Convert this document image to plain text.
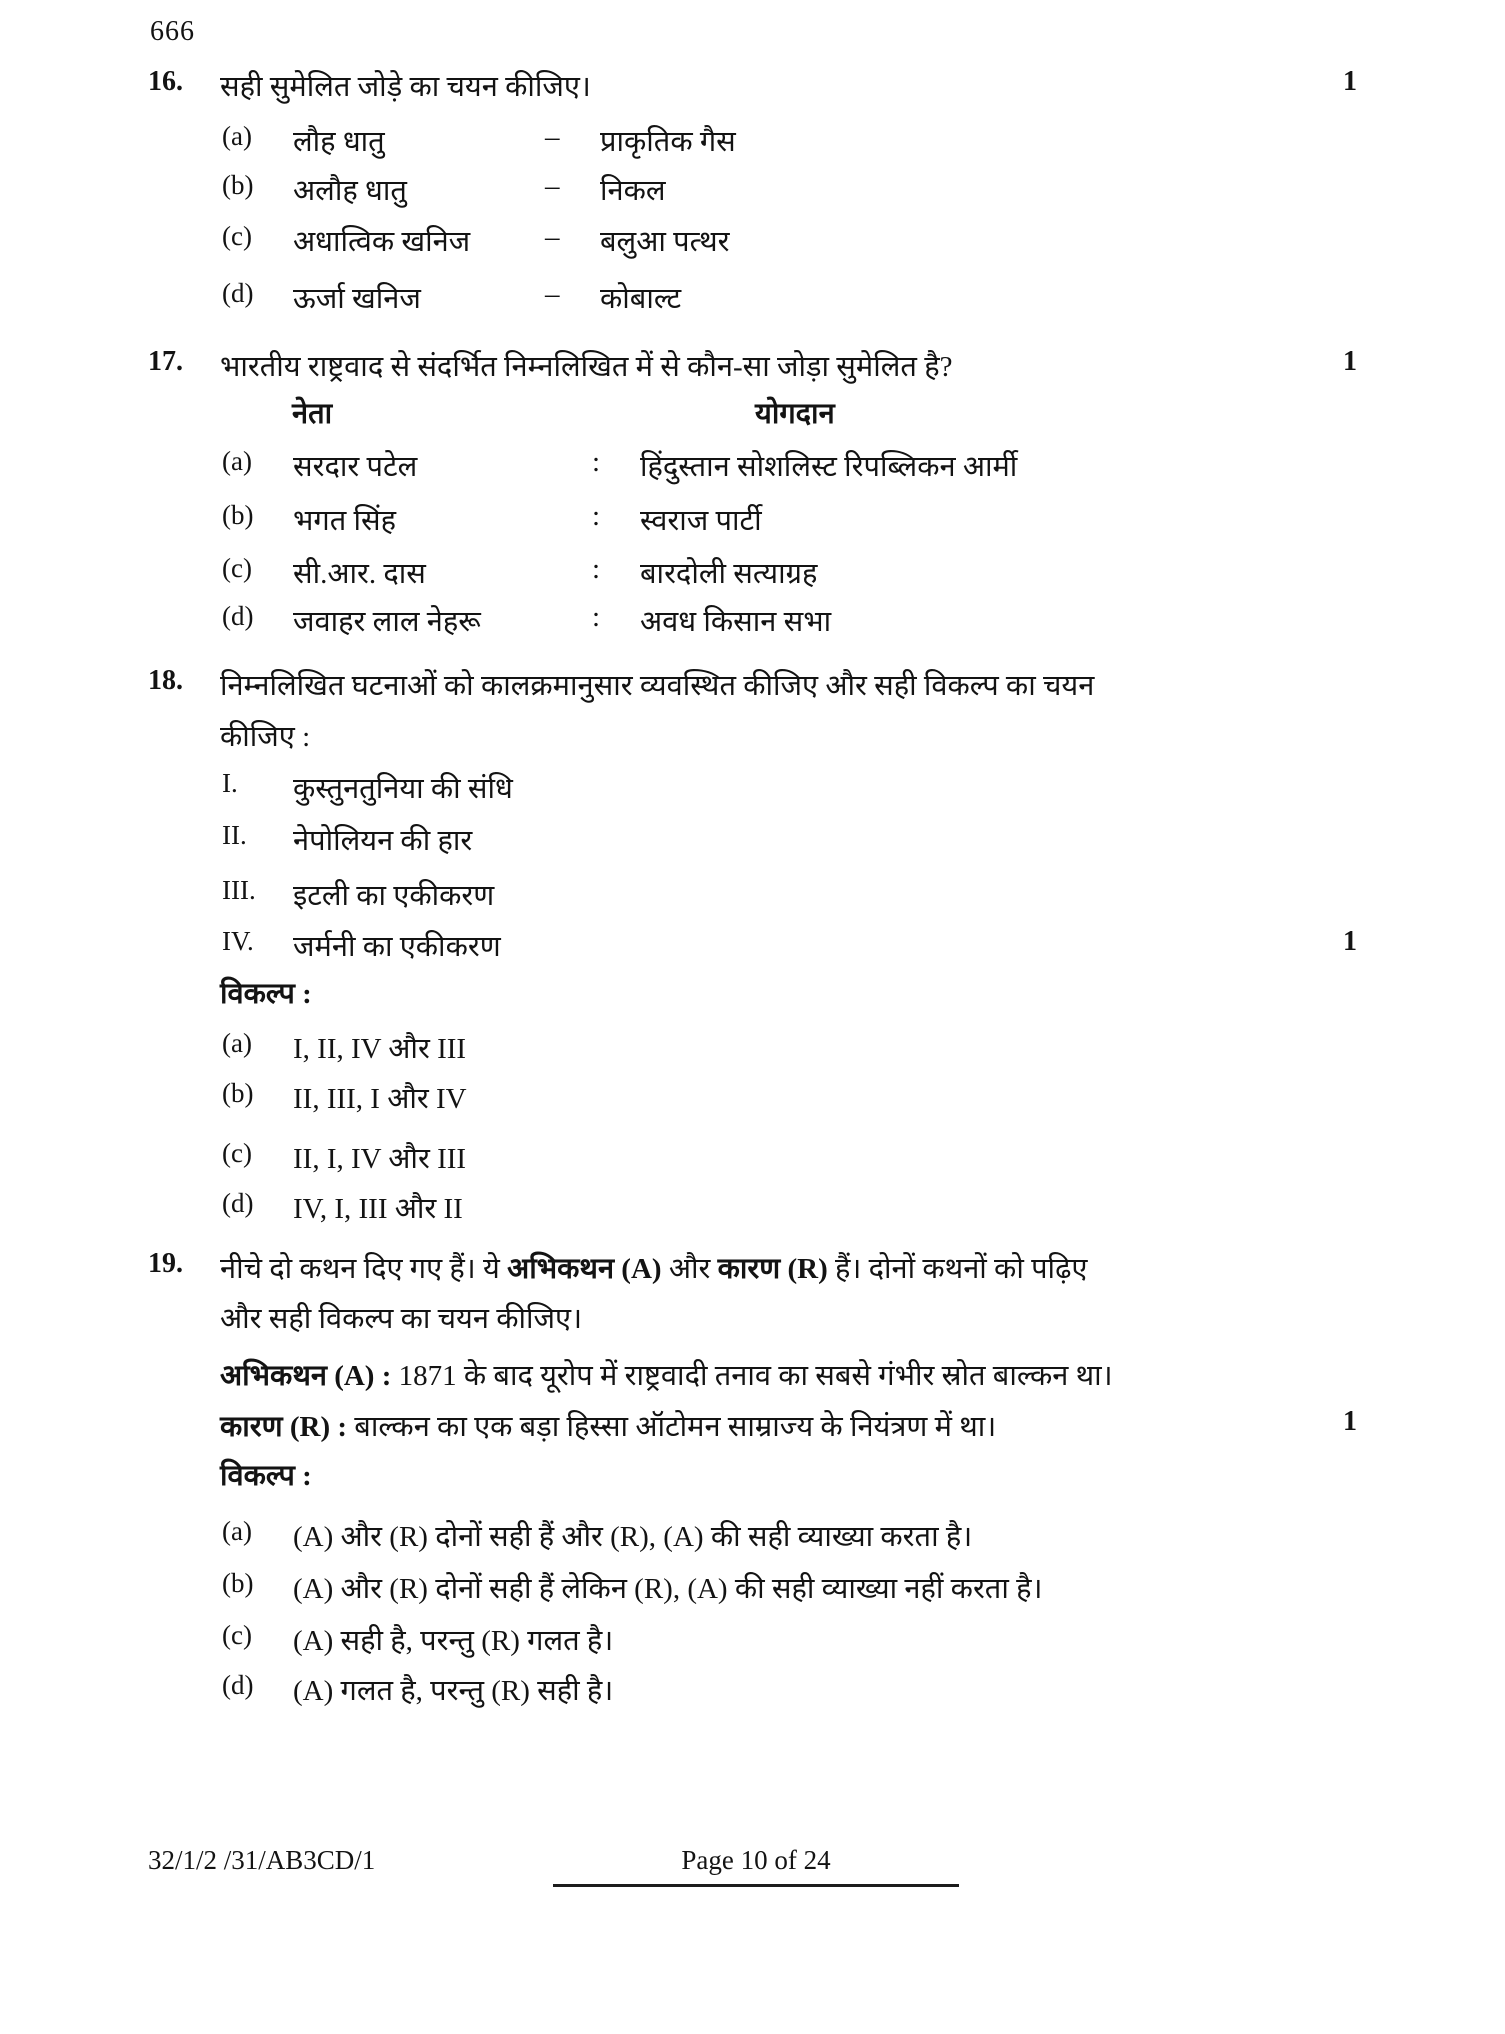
666
16. सही सुमेलित जोड़े का चयन कीजिए।	1
(a) लौह धातु	– प्राकृतिक गैस
(b) अलौह धातु	– निकल
(c) अधात्विक खनिज	– बलुआ पत्थर
(d) ऊर्जा खनिज	– कोबाल्ट
17. भारतीय राष्ट्रवाद से संदर्भित निम्नलिखित में से कौन-सा जोड़ा सुमेलित है?	1
नेता	योगदान
(a) सरदार पटेल	: हिंदुस्तान सोशलिस्ट रिपब्लिकन आर्मी
(b) भगत सिंह	: स्वराज पार्टी
(c) सी.आर. दास	: बारदोली सत्याग्रह
(d) जवाहर लाल नेहरू	: अवध किसान सभा
18. निम्नलिखित घटनाओं को कालक्रमानुसार व्यवस्थित कीजिए और सही विकल्प का चयन
कीजिए :
I. कुस्तुनतुनिया की संधि
II. नेपोलियन की हार
III. इटली का एकीकरण
IV. जर्मनी का एकीकरण	1
विकल्प :
(a) I, II, IV और III
(b) II, III, I और IV
(c) II, I, IV और III
(d) IV, I, III और II
19. नीचे दो कथन दिए गए हैं। ये अभिकथन (A) और कारण (R) हैं। दोनों कथनों को पढ़िए
और सही विकल्प का चयन कीजिए।
अभिकथन (A) : 1871 के बाद यूरोप में राष्ट्रवादी तनाव का सबसे गंभीर स्रोत बाल्कन था।
कारण (R) : बाल्कन का एक बड़ा हिस्सा ऑटोमन साम्राज्य के नियंत्रण में था।	1
विकल्प :
(a) (A) और (R) दोनों सही हैं और (R), (A) की सही व्याख्या करता है।
(b) (A) और (R) दोनों सही हैं लेकिन (R), (A) की सही व्याख्या नहीं करता है।
(c) (A) सही है, परन्तु (R) गलत है।
(d) (A) गलत है, परन्तु (R) सही है।
32/1/2 /31/AB3CD/1	Page 10 of 24
